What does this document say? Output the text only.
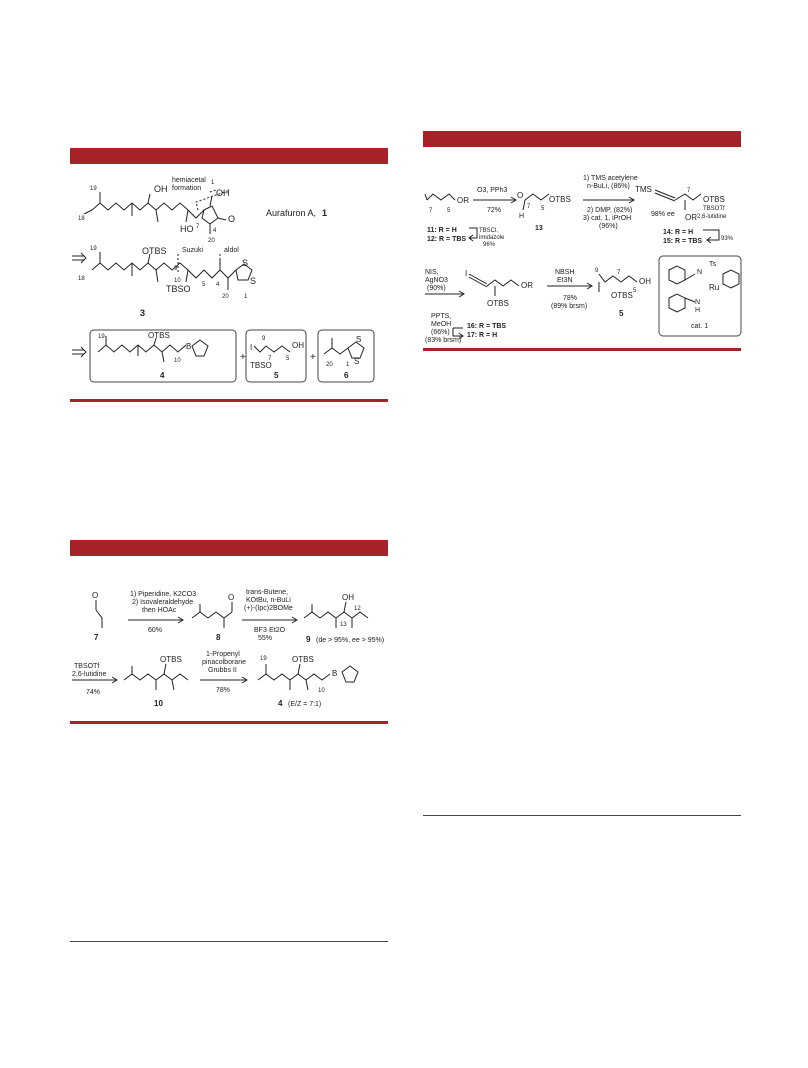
19
18
OH
HO 7
OH
1
4
20
O
hemiacetal
formation
Aurafuron A, 1
19
18
OTBS
TBSO
Suzuki	aldol
9
10
5 4
20	1
S
S
3
19	OTBS
B
10
4
+
I	OH
TBSO
9
7 5
5
+
20 1
S
S
6
O
7
1) Piperidine, K2CO3
2) Isovaleraldehyde
then HOAc
60%
O
8
trans-Butene,
KOtBu, n-BuLi
(+)-(Ipc)2BOMe
BF3·Et2O
55%
OH
13
12
9 (de > 95%, ee > 95%)
TBSOTf
2,6-lutidine
74%
OTBS
10
1-Propenyl
pinacolborane
Grubbs II
78%
19	OTBS
B
10
4 (E/Z = 7:1)
OR
7 5
11: R = H
12: R = TBS
TBSCl,
imidazole
96%
O3, PPh3
72%
O
H
OTBS
7 5
13
1) TMS acetylene
n-BuLi, (86%)
2) DMP, (82%)
3) cat. 1, iPrOH
(96%)
TMS
OTBS
OR
7
98% ee
14: R = H
15: R = TBS
TBSOTf
2,6-lutidine
93%
NIS,
AgNO3
(90%)
I
OR
OTBS
16: R = TBS
17: R = H
PPTS,
MeOH
(66%)
(83% brsm)
NBSH
Et3N
78%
(89% brsm)
OH
OTBS
9	7
5
5
N
Ts
N
H
Ru
cat. 1
